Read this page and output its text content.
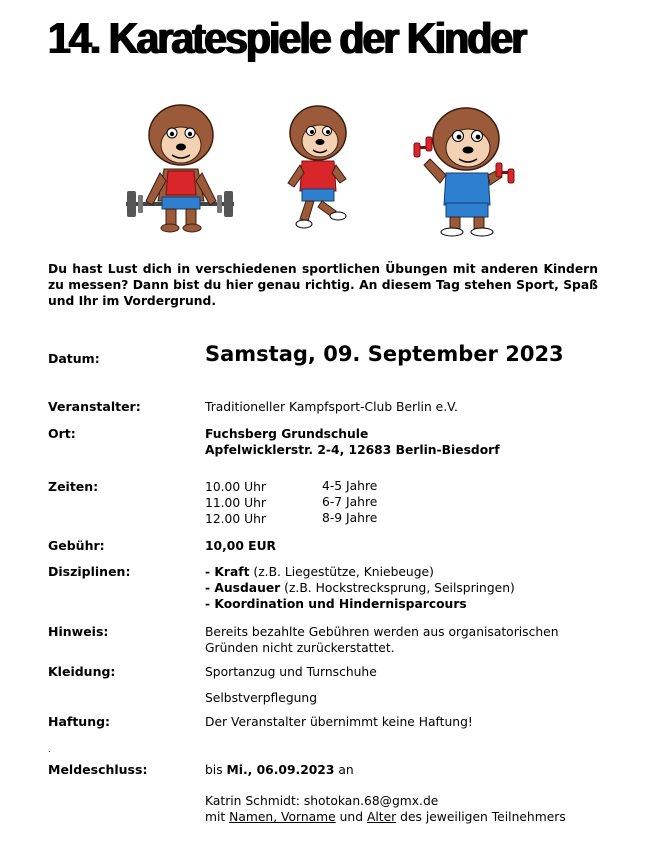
14. Karatespiele der Kinder
Du hast Lust dich in verschiedenen sportlichen Übungen mit anderen Kindern zu messen? Dann bist du hier genau richtig. An diesem Tag stehen Sport, Spaß und Ihr im Vordergrund.
Datum:	Samstag, 09. September 2023
Veranstalter:	Traditioneller Kampfsport-Club Berlin e.V.
Ort:	Fuchsberg Grundschule
Apfelwicklerstr. 2-4, 12683 Berlin-Biesdorf
Zeiten:	10.00 Uhr	4-5 Jahre
11.00 Uhr	6-7 Jahre
12.00 Uhr	8-9 Jahre
Gebühr:	10,00 EUR
Disziplinen:	- Kraft (z.B. Liegestütze, Kniebeuge)
- Ausdauer (z.B. Hockstrecksprung, Seilspringen)
- Koordination und Hindernisparcours
Hinweis:	Bereits bezahlte Gebühren werden aus organisatorischen
Gründen nicht zurückerstattet.
Kleidung:	Sportanzug und Turnschuhe
Selbstverpflegung
Haftung:	Der Veranstalter übernimmt keine Haftung!
.
Meldeschluss:	bis Mi., 06.09.2023 an
Katrin Schmidt: shotokan.68@gmx.de
mit Namen, Vorname und Alter des jeweiligen Teilnehmers
